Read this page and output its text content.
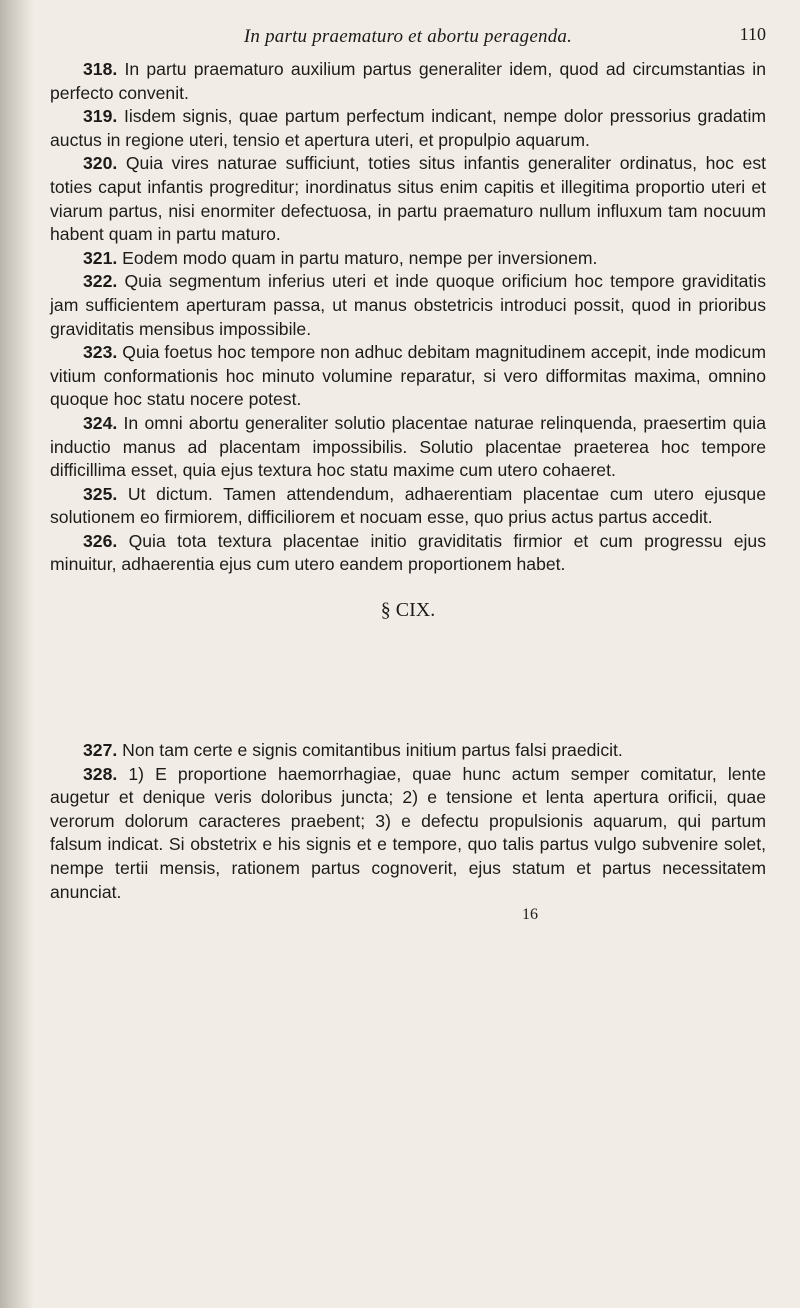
In partu praematuro et abortu peragenda.	110

318. In partu praematuro auxilium partus generaliter idem, quod ad circumstantias in perfecto convenit.

319. Iisdem signis, quae partum perfectum indicant, nempe dolor pressorius gradatim auctus in regione uteri, tensio et apertura uteri, et propulpio aquarum.

320. Quia vires naturae sufficiunt, toties situs infantis generaliter ordinatus, hoc est toties caput infantis progreditur; inordinatus situs enim capitis et illegitima proportio uteri et viarum partus, nisi enormiter defectuosa, in partu praematuro nullum influxum tam nocuum habent quam in partu maturo.

321. Eodem modo quam in partu maturo, nempe per inversionem.

322. Quia segmentum inferius uteri et inde quoque orificium hoc tempore graviditatis jam sufficientem aperturam passa, ut manus obstetricis introduci possit, quod in prioribus graviditatis mensibus impossibile.

323. Quia foetus hoc tempore non adhuc debitam magnitudinem accepit, inde modicum vitium conformationis hoc minuto volumine reparatur, si vero difformitas maxima, omnino quoque hoc statu nocere potest.

324. In omni abortu generaliter solutio placentae naturae relinquenda, praesertim quia inductio manus ad placentam impossibilis. Solutio placentae praeterea hoc tempore difficillima esset, quia ejus textura hoc statu maxime cum utero cohaeret.

325. Ut dictum. Tamen attendendum, adhaerentiam placentae cum utero ejusque solutionem eo firmiorem, difficiliorem et nocuam esse, quo prius actus partus accedit.

326. Quia tota textura placentae initio graviditatis firmior et cum progressu ejus minuitur, adhaerentia ejus cum utero eandem proportionem habet.

§ CIX.

327. Non tam certe e signis comitantibus initium partus falsi praedicit.

328. 1) E proportione haemorrhagiae, quae hunc actum semper comitatur, lente augetur et denique veris doloribus juncta; 2) e tensione et lenta apertura orificii, quae verorum dolorum caracteres praebent; 3) e defectu propulsionis aquarum, qui partum falsum indicat. Si obstetrix e his signis et e tempore, quo talis partus vulgo subvenire solet, nempe tertii mensis, rationem partus cognoverit, ejus statum et partus necessitatem anunciat.

16
